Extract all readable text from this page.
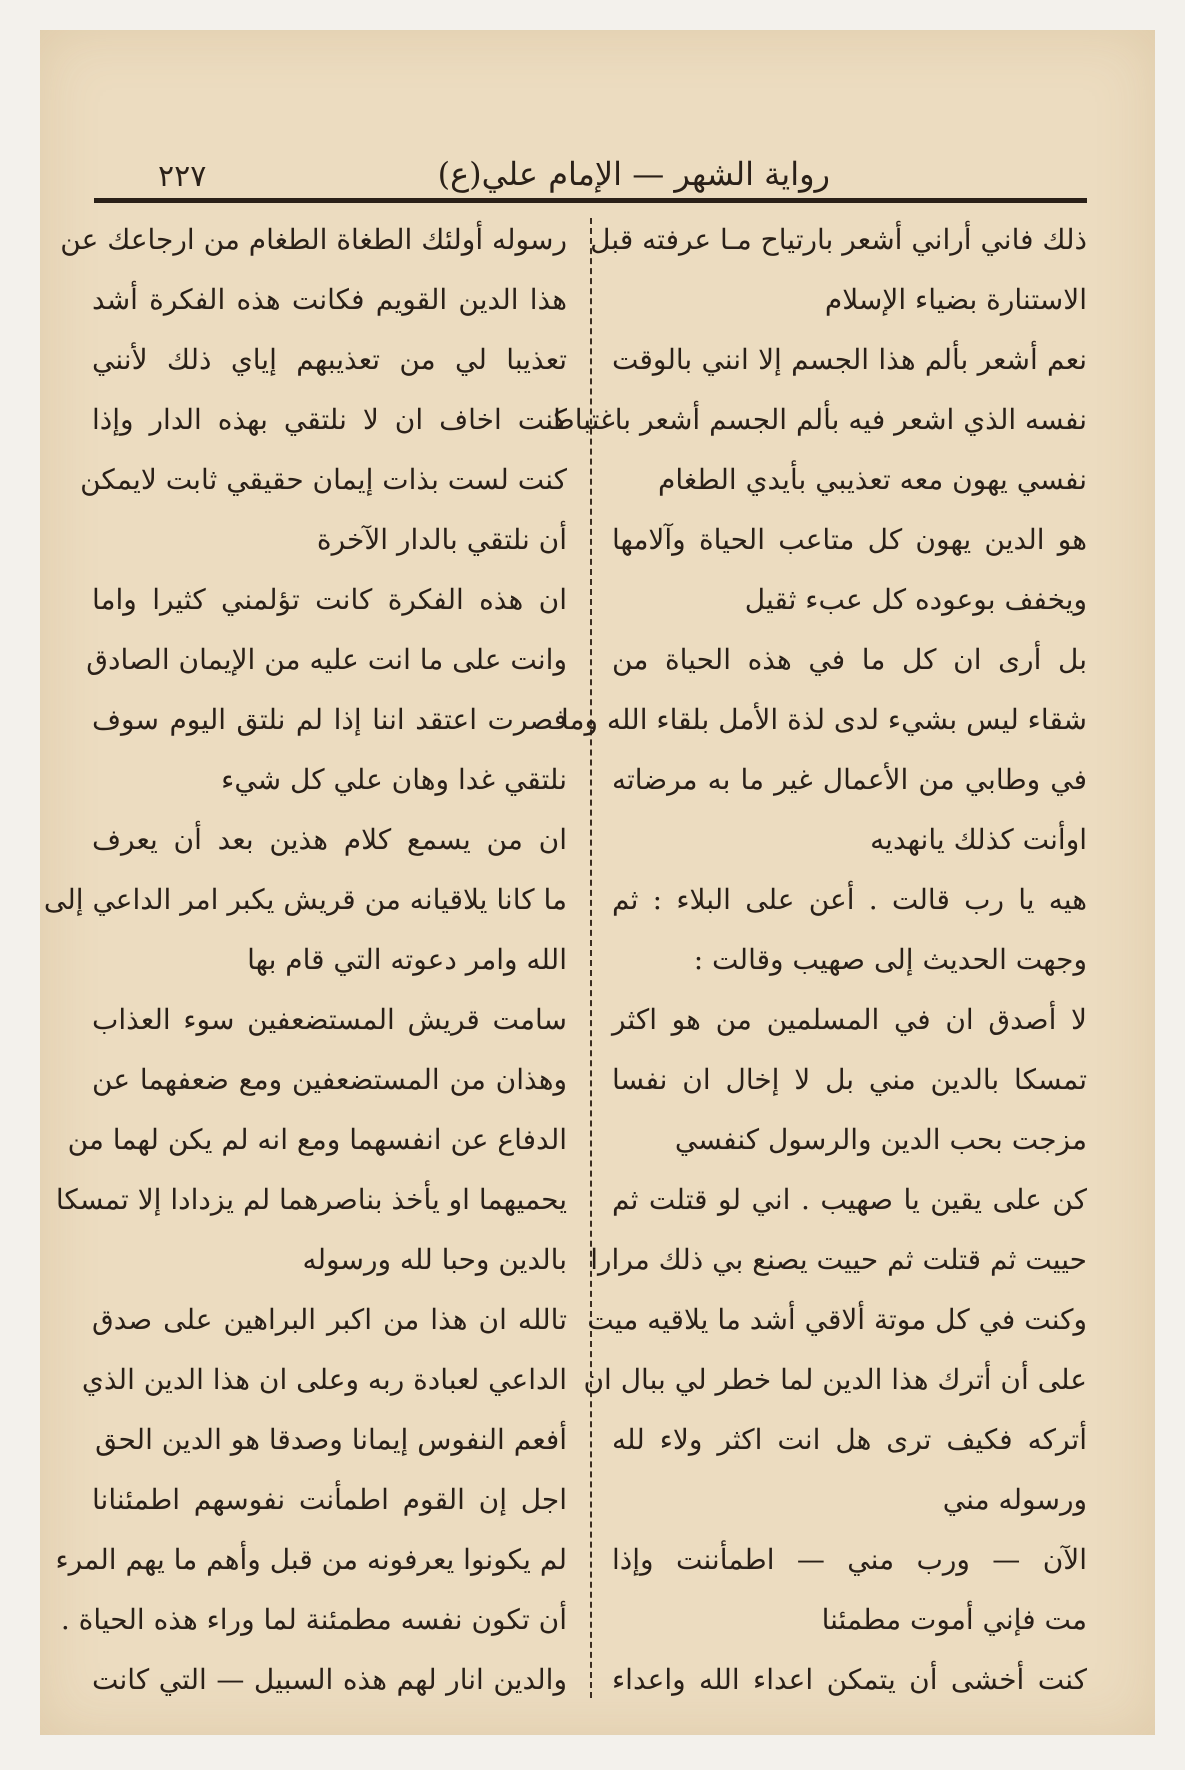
رواية الشهر — الإمام علي(ع)
٢٢٧
ذلك فاني أراني أشعر بارتياح مـا عرفته قبل
الاستنارة بضياء الإسلام
نعم أشعر بألم هذا الجسم إلا انني بالوقت
نفسه الذي اشعر فيه بألم الجسم أشعر باغتباط
نفسي يهون معه تعذيبي بأيدي الطغام
هو الدين يهون كل متاعب الحياة وآلامها
ويخفف بوعوده كل عبء ثقيل
بل أرى ان كل ما في هذه الحياة من
شقاء ليس بشيء لدى لذة الأمل بلقاء الله وما
في وطابي من الأعمال غير ما به مرضاته
اوأنت كذلك يانهديه
هيه يا رب قالت . أعن على البلاء : ثم
وجهت الحديث إلى صهيب وقالت :
لا أصدق ان في المسلمين من هو اكثر
تمسكا بالدين مني بل لا إخال ان نفسا
مزجت بحب الدين والرسول كنفسي
كن على يقين يا صهيب . اني لو قتلت ثم
حييت ثم قتلت ثم حييت يصنع بي ذلك مرارا
وكنت في كل موتة ألاقي أشد ما يلاقيه ميت
على أن أترك هذا الدين لما خطر لي ببال ان
أتركه فكيف ترى هل انت اكثر ولاء لله
ورسوله مني
الآن — ورب مني — اطمأننت وإذا
مت فإني أموت مطمئنا
كنت أخشى أن يتمكن اعداء الله واعداء
رسوله أولئك الطغاة الطغام من ارجاعك عن
هذا الدين القويم فكانت هذه الفكرة أشد
تعذيبا لي من تعذيبهم إياي ذلك لأنني
كنت اخاف ان لا نلتقي بهذه الدار وإذا
كنت لست بذات إيمان حقيقي ثابت لايمكن
أن نلتقي بالدار الآخرة
ان هذه الفكرة كانت تؤلمني كثيرا واما
وانت على ما انت عليه من الإيمان الصادق
فصرت اعتقد اننا إذا لم نلتق اليوم سوف
نلتقي غدا وهان علي كل شيء
ان من يسمع كلام هذين بعد أن يعرف
ما كانا يلاقيانه من قريش يكبر امر الداعي إلى
الله وامر دعوته التي قام بها
سامت قريش المستضعفين سوء العذاب
وهذان من المستضعفين ومع ضعفهما عن
الدفاع عن انفسهما ومع انه لم يكن لهما من
يحميهما او يأخذ بناصرهما لم يزدادا إلا تمسكا
بالدين وحبا لله ورسوله
تالله ان هذا من اكبر البراهين على صدق
الداعي لعبادة ربه وعلى ان هذا الدين الذي
أفعم النفوس إيمانا وصدقا هو الدين الحق
اجل إن القوم اطمأنت نفوسهم اطمئنانا
لم يكونوا يعرفونه من قبل وأهم ما يهم المرء
أن تكون نفسه مطمئنة لما وراء هذه الحياة .
والدين انار لهم هذه السبيل — التي كانت
